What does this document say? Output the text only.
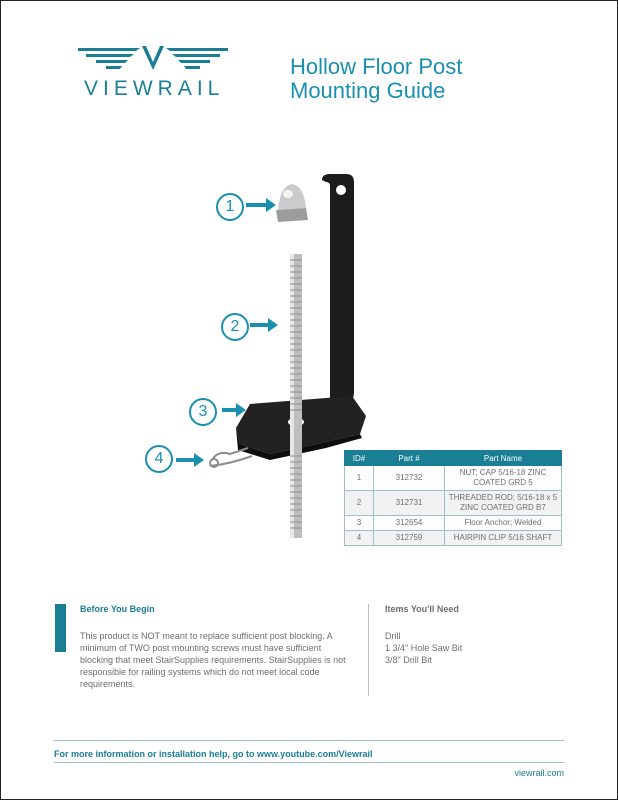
VIEWRAIL
Hollow Floor Post
Mounting Guide
1
2
3
4	ID#	Part #	Part Name
1	312732	NUT; CAP 5/16-18 ZINC COATED GRD 5
2	312731	THREADED ROD; 5/16-18 x 5 ZINC COATED GRD B7
3	312654	Floor Anchor; Welded
4	312759	HAIRPIN CLIP 5/16 SHAFT
Before You Begin
This product is NOT meant to replace sufficient post blocking. A minimum of TWO post mounting screws must have sufficient blocking that meet StairSupplies requirements. StairSupplies is not responsible for railing systems which do not meet local code requirements.
Items You'll Need
Drill
1 3/4" Hole Saw Bit
3/8" Drill Bit
For more information or installation help, go to www.youtube.com/Viewrail
viewrail.com
